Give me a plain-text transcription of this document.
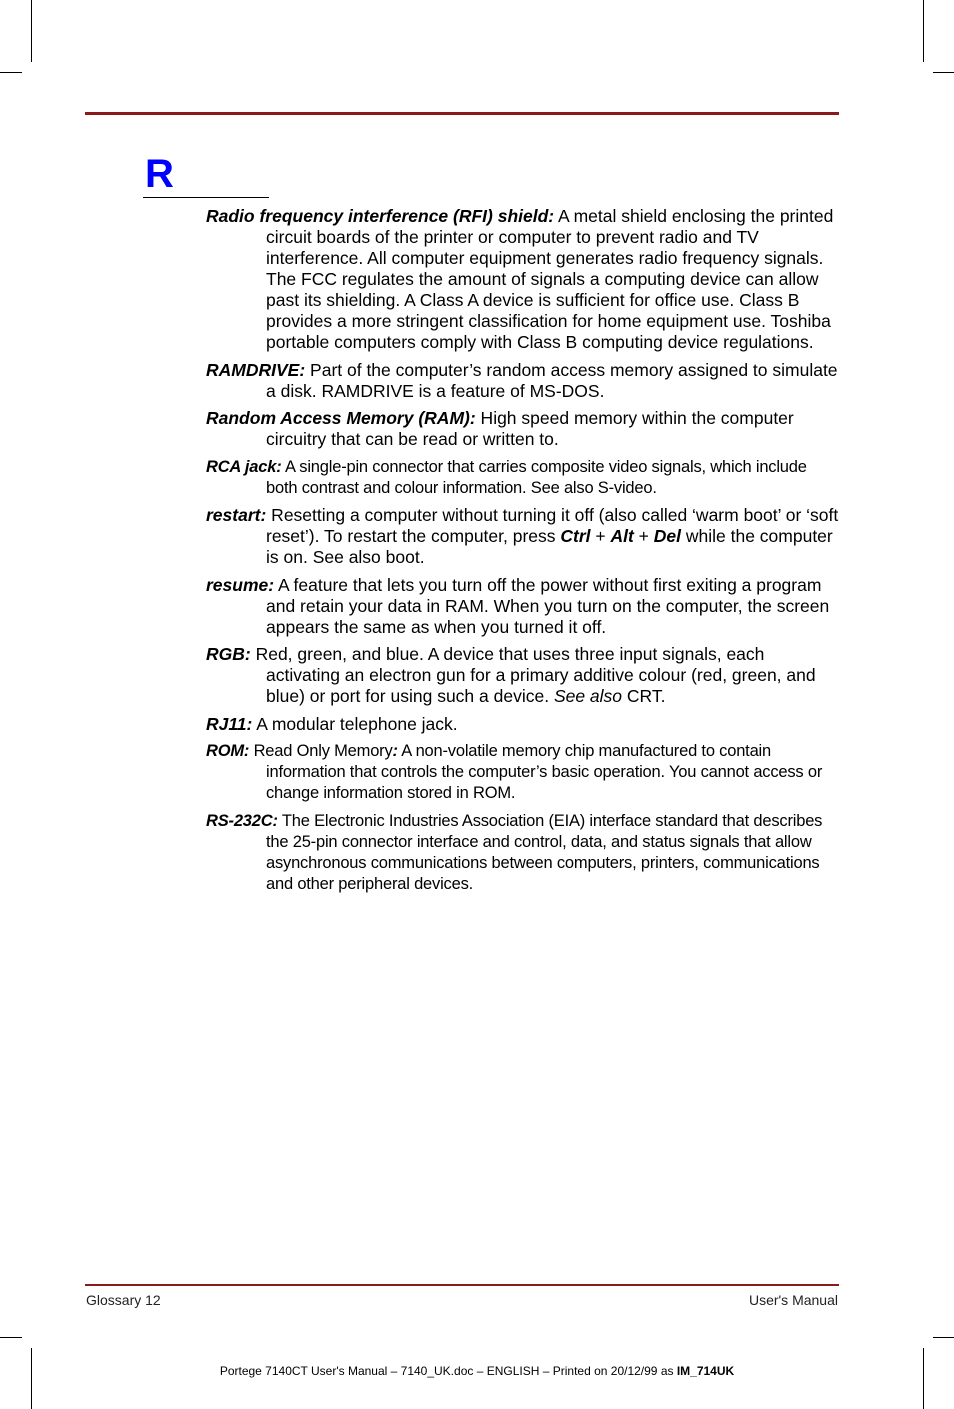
R

Radio frequency interference (RFI) shield: A metal shield enclosing the printed circuit boards of the printer or computer to prevent radio and TV interference. All computer equipment generates radio frequency signals. The FCC regulates the amount of signals a computing device can allow past its shielding. A Class A device is sufficient for office use. Class B provides a more stringent classification for home equipment use. Toshiba portable computers comply with Class B computing device regulations.

RAMDRIVE: Part of the computer’s random access memory assigned to simulate a disk. RAMDRIVE is a feature of MS-DOS.

Random Access Memory (RAM): High speed memory within the computer circuitry that can be read or written to.

RCA jack: A single-pin connector that carries composite video signals, which include both contrast and colour information. See also S-video.

restart: Resetting a computer without turning it off (also called ‘warm boot’ or ‘soft reset’). To restart the computer, press Ctrl + Alt + Del while the computer is on. See also boot.

resume: A feature that lets you turn off the power without first exiting a program and retain your data in RAM. When you turn on the computer, the screen appears the same as when you turned it off.

RGB: Red, green, and blue. A device that uses three input signals, each activating an electron gun for a primary additive colour (red, green, and blue) or port for using such a device. See also CRT.

RJ11: A modular telephone jack.

ROM: Read Only Memory: A non-volatile memory chip manufactured to contain information that controls the computer’s basic operation. You cannot access or change information stored in ROM.

RS-232C: The Electronic Industries Association (EIA) interface standard that describes the 25-pin connector interface and control, data, and status signals that allow asynchronous communications between computers, printers, communications and other peripheral devices.

Glossary 12	User's Manual
Portege 7140CT User's Manual – 7140_UK.doc – ENGLISH – Printed on 20/12/99 as IM_714UK
